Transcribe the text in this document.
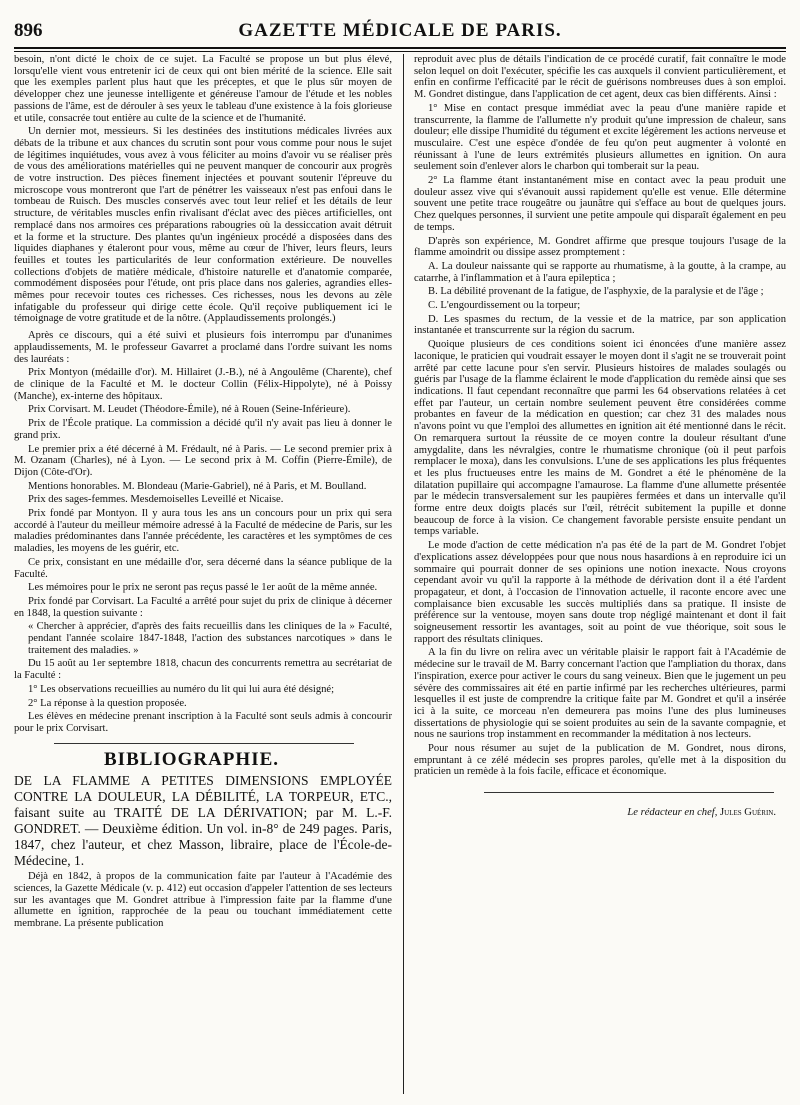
896	GAZETTE MÉDICALE DE PARIS.

besoin, n'ont dicté le choix de ce sujet. La Faculté se propose un but plus élevé, lorsqu'elle vient vous entretenir ici de ceux qui ont bien mérité de la science. Elle sait que les exemples parlent plus haut que les préceptes, et que le plus sûr moyen de développer chez une jeunesse intelligente et généreuse l'amour de l'étude et les nobles passions de l'âme, est de dérouler à ses yeux le tableau d'une existence à la fois glorieuse et utile, consacrée tout entière au culte de la science et de l'humanité.

Un dernier mot, messieurs. Si les destinées des institutions médicales livrées aux débats de la tribune et aux chances du scrutin sont pour vous comme pour nous le sujet de légitimes inquiétudes, vous avez à vous féliciter au moins d'avoir vu se réaliser près de vous des améliorations matérielles qui ne peuvent manquer de concourir aux progrès de votre instruction. Des pièces finement injectées et pouvant soutenir l'épreuve du microscope vous montreront que l'art de pénétrer les vaisseaux n'est pas enfoui dans le tombeau de Ruisch. Des muscles conservés avec tout leur relief et les détails de leur structure, de véritables muscles enfin rivalisant d'éclat avec des pièces artificielles, ont remplacé dans nos armoires ces préparations rabougries où la dessiccation avait détruit et la forme et la structure. Des plantes qu'un ingénieux procédé a disposées dans des liquides diaphanes y étaleront pour vous, même au cœur de l'hiver, leurs fleurs, leurs feuilles et toutes les particularités de leur conformation extérieure. De nouvelles collections d'objets de matière médicale, d'histoire naturelle et d'anatomie comparée, commodément disposées pour l'étude, ont pris place dans nos galeries, agrandies elles-mêmes pour recevoir toutes ces richesses. Ces richesses, nous les devons au zèle infatigable du professeur qui dirige cette école. Qu'il reçoive publiquement ici le témoignage de votre gratitude et de la nôtre. (Applaudissements prolongés.)

Après ce discours, qui a été suivi et plusieurs fois interrompu par d'unanimes applaudissements, M. le professeur Gavarret a proclamé dans l'ordre suivant les noms des lauréats :

Prix Montyon (médaille d'or). M. Hillairet (J.-B.), né à Angoulême (Charente), chef de clinique de la Faculté et M. le docteur Collin (Félix-Hippolyte), né à Poissy (Manche), ex-interne des hôpitaux.

Prix Corvisart. M. Leudet (Théodore-Émile), né à Rouen (Seine-Inférieure).

Prix de l'École pratique. La commission a décidé qu'il n'y avait pas lieu à donner le grand prix.

Le premier prix a été décerné à M. Frédault, né à Paris. — Le second premier prix à M. Ozanam (Charles), né à Lyon. — Le second prix à M. Coffin (Pierre-Émile), de Dijon (Côte-d'Or).

Mentions honorables. M. Blondeau (Marie-Gabriel), né à Paris, et M. Boulland.

Prix des sages-femmes. Mesdemoiselles Leveillé et Nicaise.

Prix fondé par Montyon. Il y aura tous les ans un concours pour un prix qui sera accordé à l'auteur du meilleur mémoire adressé à la Faculté de médecine de Paris, sur les maladies prédominantes dans l'année précédente, les caractères et les symptômes de ces maladies, les moyens de les guérir, etc.

Ce prix, consistant en une médaille d'or, sera décerné dans la séance publique de la Faculté.

Les mémoires pour le prix ne seront pas reçus passé le 1er août de la même année.

Prix fondé par Corvisart. La Faculté a arrêté pour sujet du prix de clinique à décerner en 1848, la question suivante :

« Chercher à apprécier, d'après des faits recueillis dans les cliniques de la » Faculté, pendant l'année scolaire 1847-1848, l'action des substances narcotiques » dans le traitement des maladies. »

Du 15 août au 1er septembre 1818, chacun des concurrents remettra au secrétariat de la Faculté :

1° Les observations recueillies au numéro du lit qui lui aura été désigné;

2° La réponse à la question proposée.

Les élèves en médecine prenant inscription à la Faculté sont seuls admis à concourir pour le prix Corvisart.

BIBLIOGRAPHIE.

DE LA FLAMME A PETITES DIMENSIONS EMPLOYÉE CONTRE LA DOULEUR, LA DÉBILITÉ, LA TORPEUR, ETC., faisant suite au TRAITÉ DE LA DÉRIVATION; par M. L.-F. GONDRET. — Deuxième édition. Un vol. in-8° de 249 pages. Paris, 1847, chez l'auteur, et chez Masson, libraire, place de l'École-de-Médecine, 1.

Déjà en 1842, à propos de la communication faite par l'auteur à l'Académie des sciences, la Gazette Médicale (v. p. 412) eut occasion d'appeler l'attention de ses lecteurs sur les avantages que M. Gondret attribue à l'impression faite par la flamme d'une allumette en ignition, rapprochée de la peau ou touchant immédiatement cette membrane. La présente publication

reproduit avec plus de détails l'indication de ce procédé curatif, fait connaître le mode selon lequel on doit l'exécuter, spécifie les cas auxquels il convient particulièrement, et enfin en confirme l'efficacité par le récit de guérisons nombreuses dues à son emploi. M. Gondret distingue, dans l'application de cet agent, deux cas bien différents. Ainsi :

1° Mise en contact presque immédiat avec la peau d'une manière rapide et transcurrente, la flamme de l'allumette n'y produit qu'une impression de chaleur, sans douleur; elle dissipe l'humidité du tégument et excite légèrement les actions nerveuse et musculaire. C'est une espèce d'ondée de feu qu'on peut augmenter à volonté en réunissant à l'une de leurs extrémités plusieurs allumettes en ignition. On aura seulement soin d'enlever alors le charbon qui tomberait sur la peau.

2° La flamme étant instantanément mise en contact avec la peau produit une douleur assez vive qui s'évanouit aussi rapidement qu'elle est venue. Elle détermine souvent une petite trace rougeâtre ou jaunâtre qui s'efface au bout de quelques jours. Chez quelques personnes, il survient une petite ampoule qui disparaît également en peu de temps.

D'après son expérience, M. Gondret affirme que presque toujours l'usage de la flamme amoindrit ou dissipe assez promptement :

A. La douleur naissante qui se rapporte au rhumatisme, à la goutte, à la crampe, au catarrhe, à l'inflammation et à l'aura epileptica ;

B. La débilité provenant de la fatigue, de l'asphyxie, de la paralysie et de l'âge ;

C. L'engourdissement ou la torpeur;

D. Les spasmes du rectum, de la vessie et de la matrice, par son application instantanée et transcurrente sur la région du sacrum.

Quoique plusieurs de ces conditions soient ici énoncées d'une manière assez laconique, le praticien qui voudrait essayer le moyen dont il s'agit ne se trouverait point arrêté par cette lacune pour s'en servir. Plusieurs histoires de malades soulagés ou guéris par l'usage de la flamme éclairent le mode d'application du remède ainsi que ses indications. Il faut cependant reconnaître que parmi les 64 observations relatées à cet effet par l'auteur, un certain nombre seulement peuvent être considérées comme probantes en faveur de la médication en question; car chez 31 des malades nous n'avons point vu que l'emploi des allumettes en ignition ait été mentionné dans le récit. On remarquera surtout la réussite de ce moyen contre la douleur résultant d'une amygdalite, dans les névralgies, contre le rhumatisme chronique (où il peut parfois remplacer le moxa), dans les convulsions. L'une de ses applications les plus fréquentes et les plus fructueuses entre les mains de M. Gondret a été le phénomène de la dilatation pupillaire qui accompagne l'amaurose. La flamme d'une allumette présentée par le médecin transversalement sur les paupières fermées et dans un intervalle qu'il forme entre deux doigts placés sur l'œil, rétrécit subitement la pupille et donne beaucoup de force à la vision. Ce changement favorable persiste ensuite pendant un temps variable.

Le mode d'action de cette médication n'a pas été de la part de M. Gondret l'objet d'explications assez développées pour que nous nous hasardions à en reproduire ici un sommaire qui pourrait donner de ses opinions une notion inexacte. Nous croyons cependant avoir vu qu'il la rapporte à la méthode de dérivation dont il a été l'ardent propagateur, et dont, à l'occasion de l'innovation actuelle, il raconte encore avec une complaisance bien excusable les succès multipliés dans sa pratique. Il insiste de préférence sur la ventouse, moyen sans doute trop négligé maintenant et dont il fait soigneusement ressortir les avantages, soit au point de vue théorique, soit sous le rapport des résultats cliniques.

A la fin du livre on relira avec un véritable plaisir le rapport fait à l'Académie de médecine sur le travail de M. Barry concernant l'action que l'ampliation du thorax, dans l'inspiration, exerce pour activer le cours du sang veineux. Bien que le jugement un peu sévère des commissaires ait été en partie infirmé par les recherches ultérieures, parmi lesquelles il est juste de comprendre la critique faite par M. Gondret et qu'il a insérée ici à la suite, ce morceau n'en demeurera pas moins l'une des plus lumineuses dissertations de physiologie qui se soient produites au sein de la savante compagnie, et nous ne saurions trop instamment en recommander la méditation à nos lecteurs.

Pour nous résumer au sujet de la publication de M. Gondret, nous dirons, empruntant à ce zélé médecin ses propres paroles, qu'elle met à la disposition du praticien un remède à la fois facile, efficace et économique.

Le rédacteur en chef, Jules Guérin.
